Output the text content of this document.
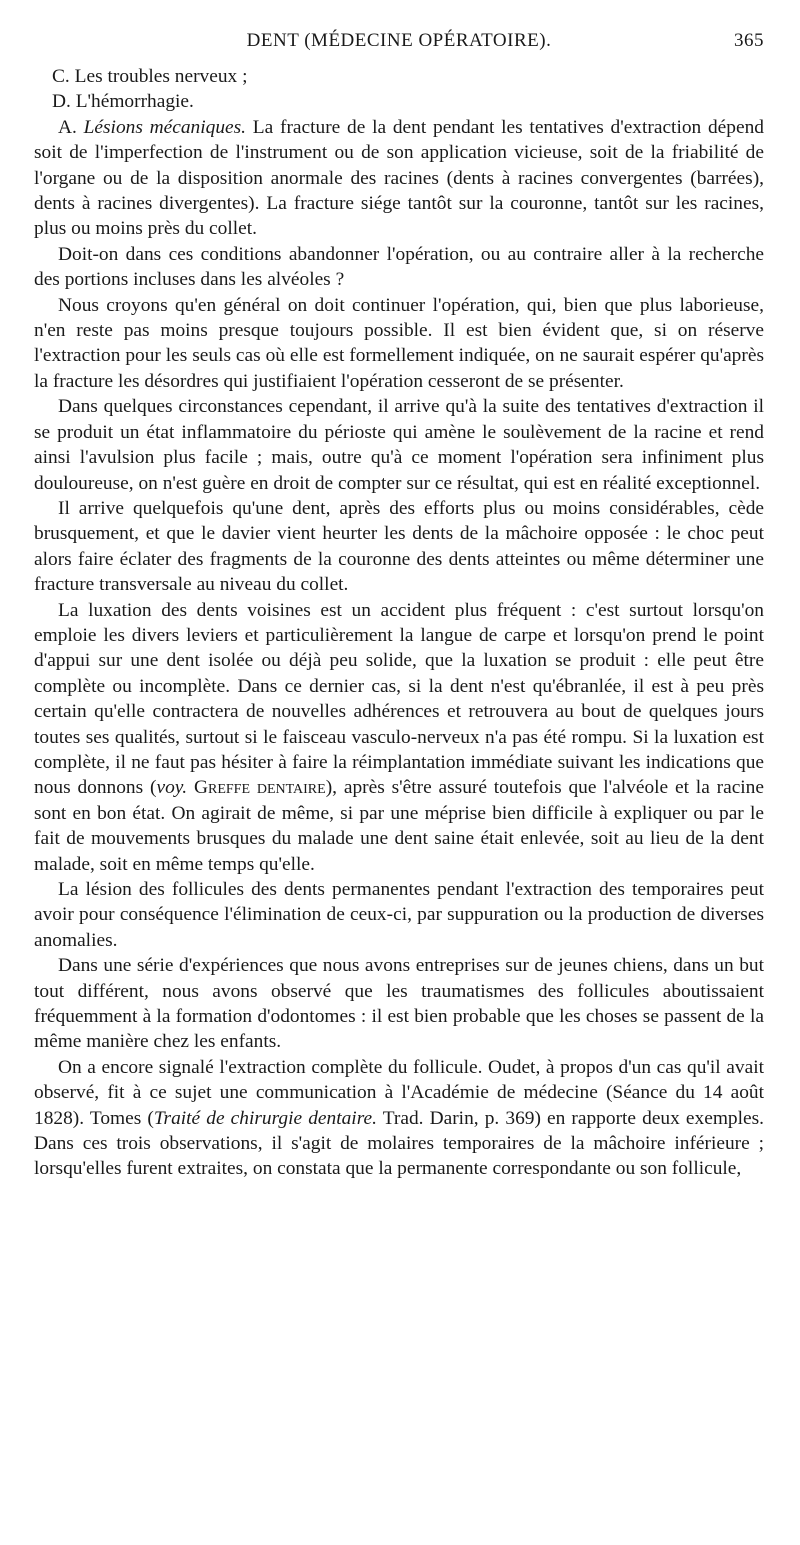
DENT (MÉDECINE OPÉRATOIRE).	365

C. Les troubles nerveux ;

D. L'hémorrhagie.

A. Lésions mécaniques. La fracture de la dent pendant les tentatives d'extraction dépend soit de l'imperfection de l'instrument ou de son application vicieuse, soit de la friabilité de l'organe ou de la disposition anormale des racines (dents à racines convergentes (barrées), dents à racines divergentes). La fracture siége tantôt sur la couronne, tantôt sur les racines, plus ou moins près du collet.

Doit-on dans ces conditions abandonner l'opération, ou au contraire aller à la recherche des portions incluses dans les alvéoles ?

Nous croyons qu'en général on doit continuer l'opération, qui, bien que plus laborieuse, n'en reste pas moins presque toujours possible. Il est bien évident que, si on réserve l'extraction pour les seuls cas où elle est formellement indiquée, on ne saurait espérer qu'après la fracture les désordres qui justifiaient l'opération cesseront de se présenter.

Dans quelques circonstances cependant, il arrive qu'à la suite des tentatives d'extraction il se produit un état inflammatoire du périoste qui amène le soulèvement de la racine et rend ainsi l'avulsion plus facile ; mais, outre qu'à ce moment l'opération sera infiniment plus douloureuse, on n'est guère en droit de compter sur ce résultat, qui est en réalité exceptionnel.

Il arrive quelquefois qu'une dent, après des efforts plus ou moins considérables, cède brusquement, et que le davier vient heurter les dents de la mâchoire opposée : le choc peut alors faire éclater des fragments de la couronne des dents atteintes ou même déterminer une fracture transversale au niveau du collet.

La luxation des dents voisines est un accident plus fréquent : c'est surtout lorsqu'on emploie les divers leviers et particulièrement la langue de carpe et lorsqu'on prend le point d'appui sur une dent isolée ou déjà peu solide, que la luxation se produit : elle peut être complète ou incomplète. Dans ce dernier cas, si la dent n'est qu'ébranlée, il est à peu près certain qu'elle contractera de nouvelles adhérences et retrouvera au bout de quelques jours toutes ses qualités, surtout si le faisceau vasculo-nerveux n'a pas été rompu. Si la luxation est complète, il ne faut pas hésiter à faire la réimplantation immédiate suivant les indications que nous donnons (voy. Greffe dentaire), après s'être assuré toutefois que l'alvéole et la racine sont en bon état. On agirait de même, si par une méprise bien difficile à expliquer ou par le fait de mouvements brusques du malade une dent saine était enlevée, soit au lieu de la dent malade, soit en même temps qu'elle.

La lésion des follicules des dents permanentes pendant l'extraction des temporaires peut avoir pour conséquence l'élimination de ceux-ci, par suppuration ou la production de diverses anomalies.

Dans une série d'expériences que nous avons entreprises sur de jeunes chiens, dans un but tout différent, nous avons observé que les traumatismes des follicules aboutissaient fréquemment à la formation d'odontomes : il est bien probable que les choses se passent de la même manière chez les enfants.

On a encore signalé l'extraction complète du follicule. Oudet, à propos d'un cas qu'il avait observé, fit à ce sujet une communication à l'Académie de médecine (Séance du 14 août 1828). Tomes (Traité de chirurgie dentaire. Trad. Darin, p. 369) en rapporte deux exemples. Dans ces trois observations, il s'agit de molaires temporaires de la mâchoire inférieure ; lorsqu'elles furent extraites, on constata que la permanente correspondante ou son follicule,
